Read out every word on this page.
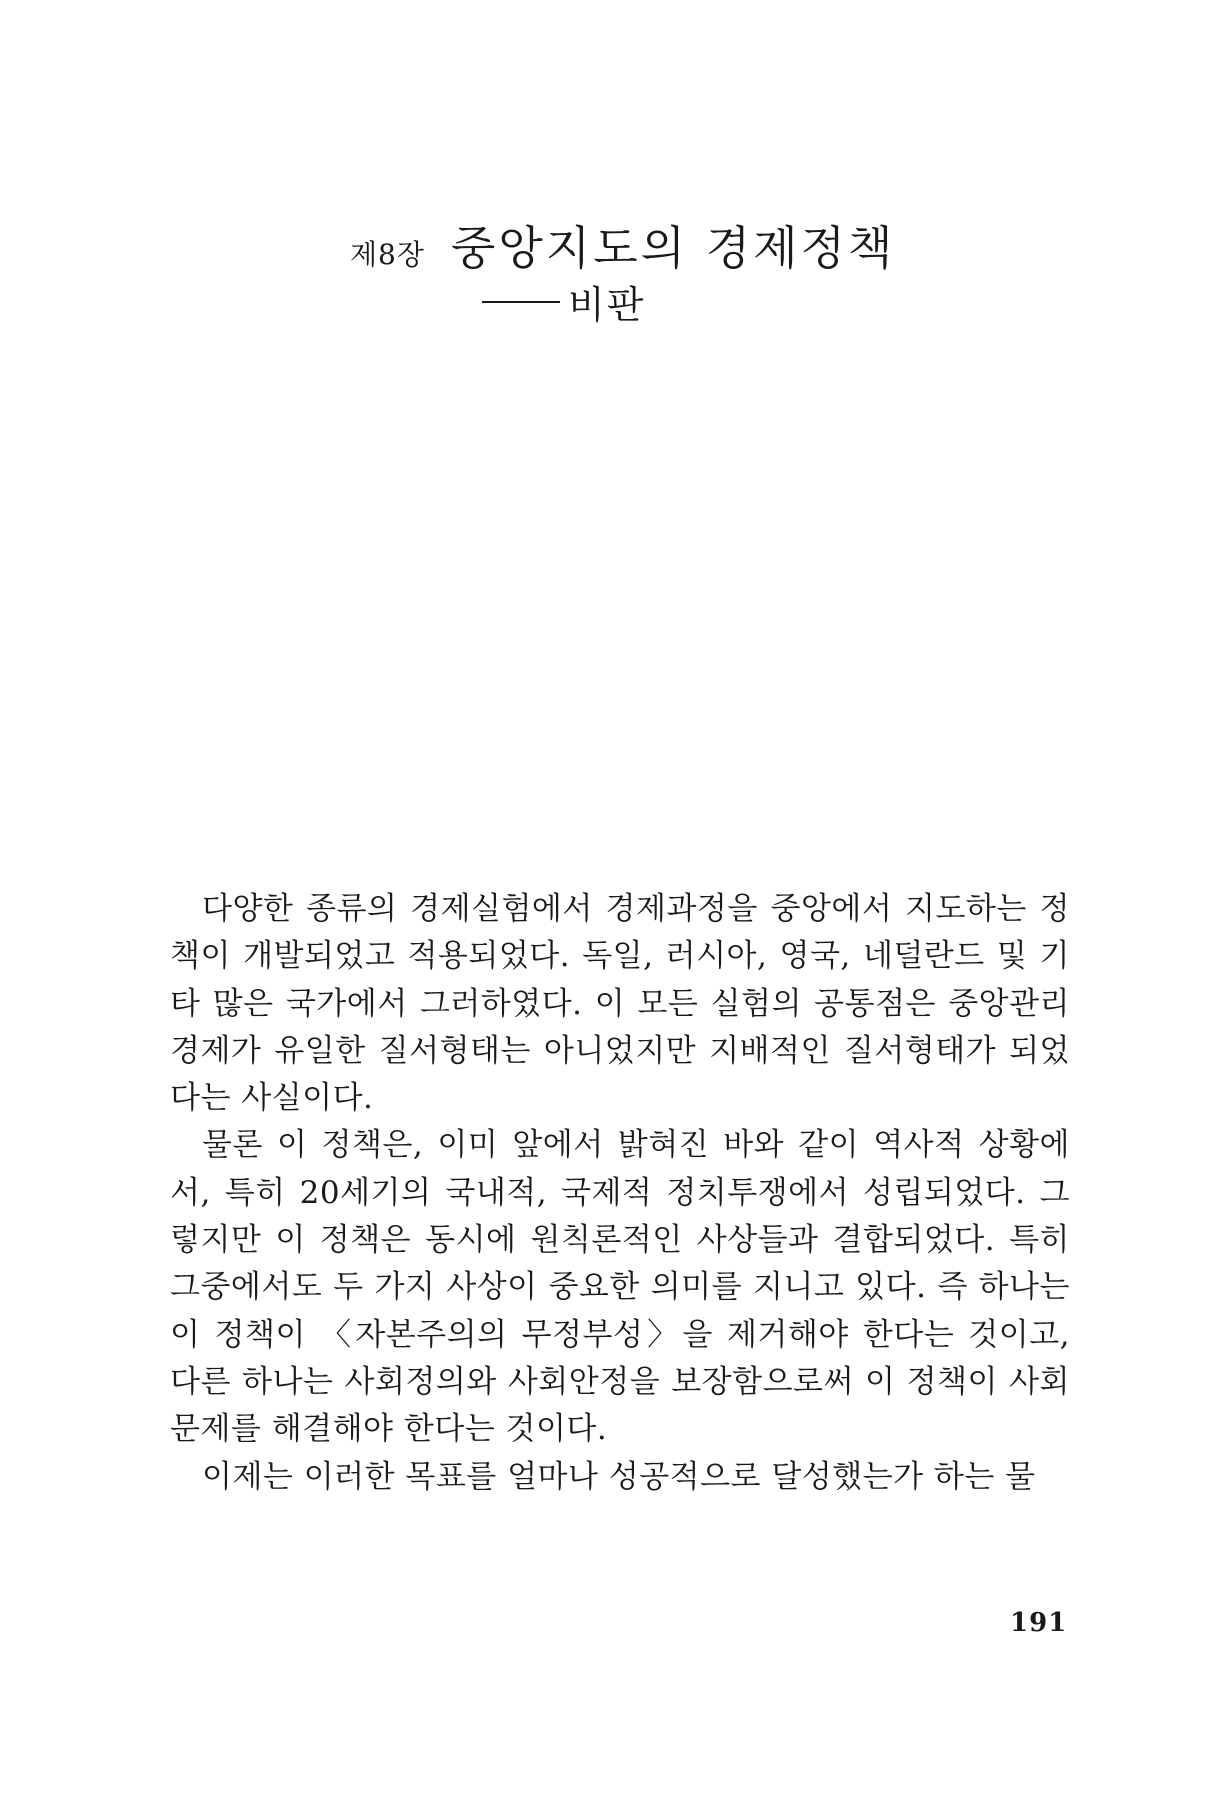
제8장 중앙지도의 경제정책
비판

다양한 종류의 경제실험에서 경제과정을 중앙에서 지도하는 정책이 개발되었고 적용되었다. 독일, 러시아, 영국, 네덜란드 및 기타 많은 국가에서 그러하였다. 이 모든 실험의 공통점은 중앙관리경제가 유일한 질서형태는 아니었지만 지배적인 질서형태가 되었다는 사실이다.

물론 이 정책은, 이미 앞에서 밝혀진 바와 같이 역사적 상황에서, 특히 20세기의 국내적, 국제적 정치투쟁에서 성립되었다. 그렇지만 이 정책은 동시에 원칙론적인 사상들과 결합되었다. 특히 그중에서도 두 가지 사상이 중요한 의미를 지니고 있다. 즉 하나는 이 정책이 〈자본주의의 무정부성〉을 제거해야 한다는 것이고, 다른 하나는 사회정의와 사회안정을 보장함으로써 이 정책이 사회문제를 해결해야 한다는 것이다.

이제는 이러한 목표를 얼마나 성공적으로 달성했는가 하는 물

191
